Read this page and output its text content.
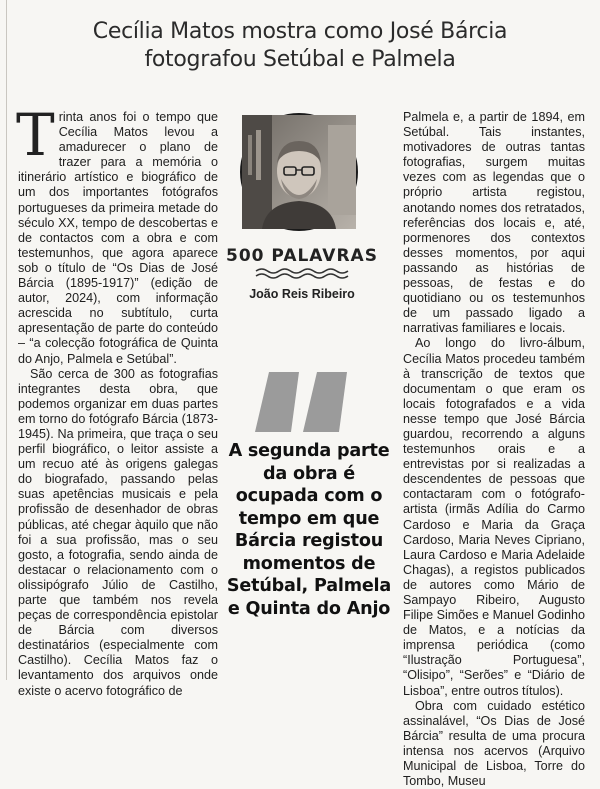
Cecília Matos mostra como José Bárcia
fotografou Setúbal e Palmela

Trinta anos foi o tempo que Cecília Matos levou a amadurecer o plano de trazer para a memória o itinerário artístico e biográfico de um dos importantes fotógrafos portugueses da primeira metade do século XX, tempo de descobertas e de contactos com a obra e com testemunhos, que agora aparece sob o título de “Os Dias de José Bárcia (1895-1917)” (edição de autor, 2024), com informação acrescida no subtítulo, curta apresentação de parte do conteúdo – “a colecção fotográfica de Quinta do Anjo, Palmela e Setúbal”.

São cerca de 300 as fotografias integrantes desta obra, que podemos organizar em duas partes em torno do fotógrafo Bárcia (1873-1945). Na primeira, que traça o seu perfil biográfico, o leitor assiste a um recuo até às origens galegas do biografado, passando pelas suas apetências musicais e pela profissão de desenhador de obras públicas, até chegar àquilo que não foi a sua profissão, mas o seu gosto, a fotografia, sendo ainda de destacar o relacionamento com o olissipógrafo Júlio de Castilho, parte que também nos revela peças de correspondência epistolar de Bárcia com diversos destinatários (especialmente com Castilho). Cecília Matos faz o levantamento dos arquivos onde existe o acervo fotográfico de

500 PALAVRAS
João Reis Ribeiro
A segunda parte da obra é ocupada com o tempo em que Bárcia registou momentos de Setúbal, Palmela e Quinta do Anjo

Palmela e, a partir de 1894, em Setúbal. Tais instantes, motivadores de outras tantas fotografias, surgem muitas vezes com as legendas que o próprio artista registou, anotando nomes dos retratados, referências dos locais e, até, pormenores dos contextos desses momentos, por aqui passando as histórias de pessoas, de festas e do quotidiano ou os testemunhos de um passado ligado a narrativas familiares e locais.

Ao longo do livro-álbum, Cecília Matos procedeu também à transcrição de textos que documentam o que eram os locais fotografados e a vida nesse tempo que José Bárcia guardou, recorrendo a alguns testemunhos orais e a entrevistas por si realizadas a descendentes de pessoas que contactaram com o fotógrafo-artista (irmãs Adília do Carmo Cardoso e Maria da Graça Cardoso, Maria Neves Cipriano, Laura Cardoso e Maria Adelaide Chagas), a registos publicados de autores como Mário de Sampayo Ribeiro, Augusto Filipe Simões e Manuel Godinho de Matos, e a notícias da imprensa periódica (como “Ilustração Portuguesa”, “Olisipo”, “Serões” e “Diário de Lisboa”, entre outros títulos).

Obra com cuidado estético assinalável, “Os Dias de José Bárcia” resulta de uma procura intensa nos acervos (Arquivo Municipal de Lisboa, Torre do Tombo, Museu
